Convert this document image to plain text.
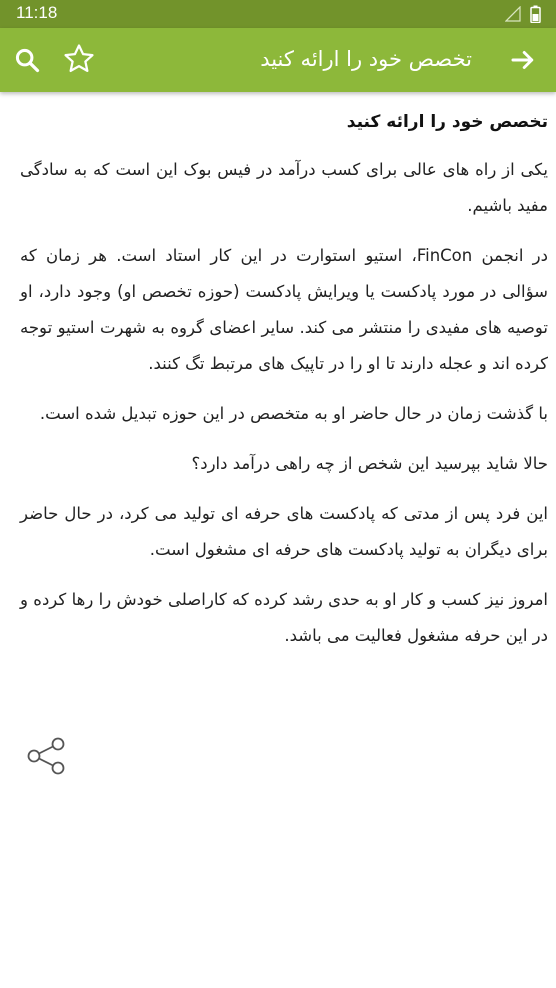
11:18
تخصص خود را ارائه کنید
تخصص خود را ارائه کنید

یکی از راه های عالی برای کسب درآمد در فیس بوک این است که به سادگی مفید باشیم.

در انجمن FinCon، استیو استوارت در این کار استاد است. هر زمان که سؤالی در مورد پادکست یا ویرایش پادکست (حوزه تخصص او) وجود دارد، او توصیه های مفیدی را منتشر می کند. سایر اعضای گروه به شهرت استیو توجه کرده اند و عجله دارند تا او را در تاپیک های مرتبط تگ کنند.

با گذشت زمان در حال حاضر او به متخصص در این حوزه تبدیل شده است.

حالا شاید بپرسید این شخص از چه راهی درآمد دارد؟

این فرد پس از مدتی که پادکست های حرفه ای تولید می کرد، در حال حاضر برای دیگران به تولید پادکست های حرفه ای مشغول است.

امروز نیز کسب و کار او به حدی رشد کرده که کاراصلی خودش را رها کرده و در این حرفه مشغول فعالیت می باشد.
